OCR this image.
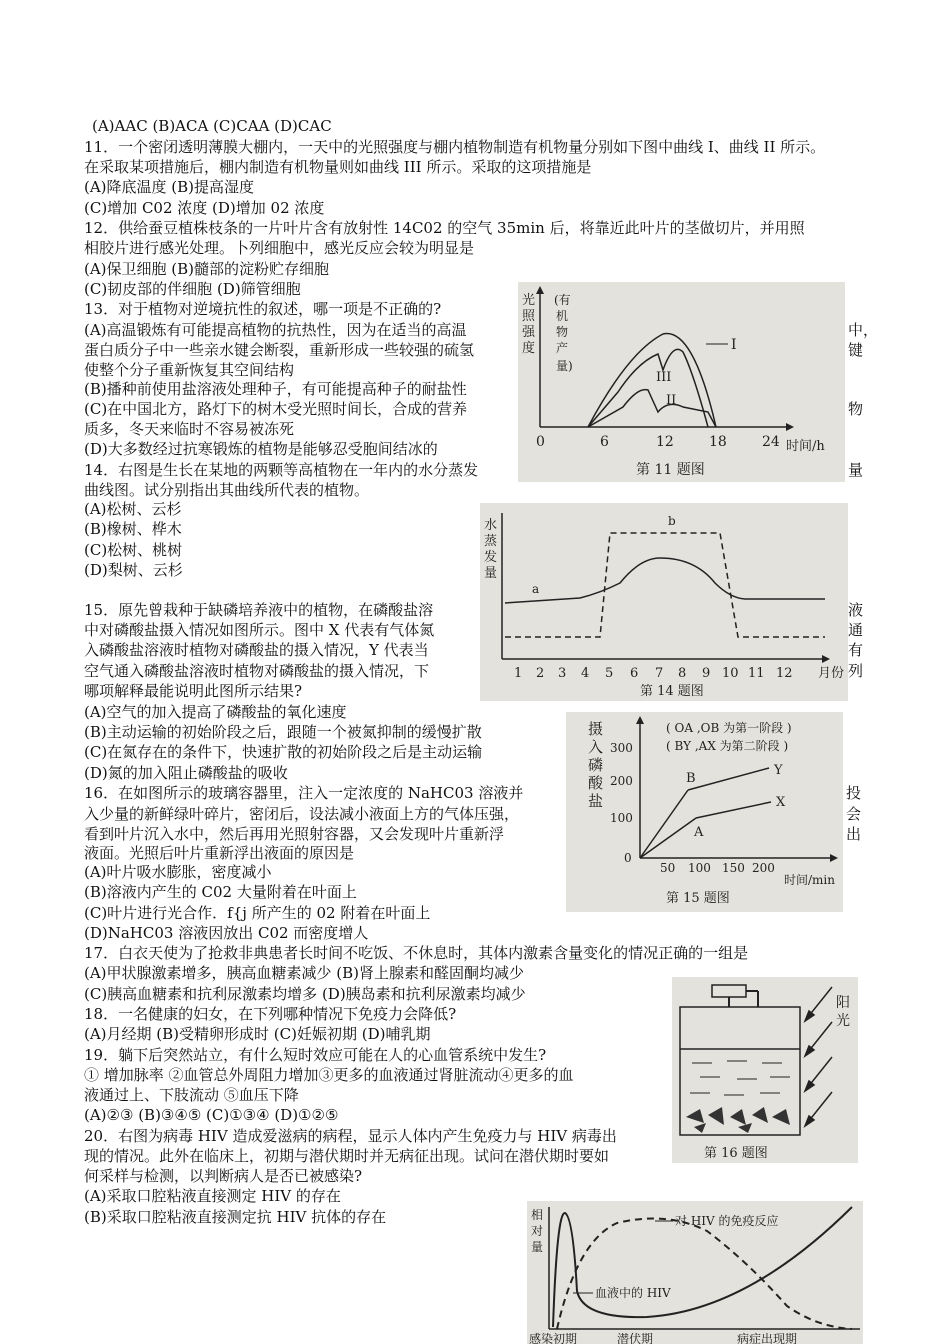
(A)AAC (B)ACA (C)CAA (D)CAC
11．一个密闭透明薄膜大棚内，一天中的光照强度与棚内植物制造有机物量分别如下图中曲线 I、曲线 II 所示。
在采取某项措施后，棚内制造有机物量则如曲线 III 所示。采取的这项措施是
(A)降底温度 (B)提高湿度
(C)增加 C02 浓度 (D)增加 02 浓度
12．供给蚕豆植株枝条的一片叶片含有放射性 14C02 的空气 35min 后，将靠近此叶片的茎做切片，并用照
相胶片进行感光处理。卜列细胞中，感光反应会较为明显是
(A)保卫细胞 (B)髓部的淀粉贮存细胞
(C)韧皮部的伴细胞 (D)筛管细胞
13．对于植物对逆境抗性的叙述，哪一项是不正确的?
(A)高温锻炼有可能提高植物的抗热性，因为在适当的高温
蛋白质分子中一些亲水键会断裂，重新形成一些较强的硫氢
使整个分子重新恢复其空间结构
(B)播种前使用盐溶液处理种子，有可能提高种子的耐盐性
(C)在中国北方，路灯下的树木受光照时间长，合成的营养
质多，冬天来临时不容易被冻死
(D)大多数经过抗寒锻炼的植物是能够忍受胞间结冰的
14．右图是生长在某地的两颗等高植物在一年内的水分蒸发
曲线图。试分别指出其曲线所代表的植物。
(A)松树、云杉
(B)橡树、桦木
(C)松树、桃树
(D)梨树、云杉
15．原先曾栽种于缺磷培养液中的植物，在磷酸盐溶
中对磷酸盐摄入情况如图所示。图中 X 代表有气体氮
入磷酸盐溶液时植物对磷酸盐的摄入情况，Y 代表当
空气通入磷酸盐溶液时植物对磷酸盐的摄入情况，下
哪项解释最能说明此图所示结果?
(A)空气的加入提高了磷酸盐的氧化速度
(B)主动运输的初始阶段之后，跟随一个被氮抑制的缓慢扩散
(C)在氮存在的条件下，快速扩散的初始阶段之后是主动运输
(D)氮的加入阻止磷酸盐的吸收
16．在如图所示的玻璃容器里，注入一定浓度的 NaHC03 溶液并
入少量的新鲜绿叶碎片，密闭后，设法减小液面上方的气体压强，
看到叶片沉入水中，然后再用光照射容器，又会发现叶片重新浮
液面。光照后叶片重新浮出液面的原因是
(A)叶片吸水膨胀，密度减小
(B)溶液内产生的 C02 大量附着在叶面上
(C)叶片进行光合作．f{j 所产生的 02 附着在叶面上
(D)NaHC03 溶液因放出 C02 而密度增人
17．白衣天使为了抢救非典患者长时间不吃饭、不休息时，其体内激素含量变化的情况正确的一组是
(A)甲状腺激素增多，胰高血糖素减少 (B)肾上腺素和醛固酮均减少
(C)胰高血糖素和抗利尿激素均增多 (D)胰岛素和抗利尿激素均减少
18．一名健康的妇女，在下列哪种情况下免疫力会降低?
(A)月经期 (B)受精卵形成时 (C)妊娠初期 (D)哺乳期
19．躺下后突然站立，有什么短时效应可能在人的心血管系统中发生?
① 增加脉率 ②血管总外周阻力增加③更多的血液通过肾脏流动④更多的血
液通过上、下肢流动 ⑤血压下降
(A)②③ (B)③④⑤ (C)①③④ (D)①②⑤
20．右图为病毒 HIV 造成爱滋病的病程，显示人体内产生免疫力与 HIV 病毒出
现的情况。此外在临床上，初期与潜伏期时并无病征出现。试问在潜伏期时要如
何采样与检测，以判断病人是否已被感染?
(A)采取口腔粘液直接测定 HIV 的存在
(B)采取口腔粘液直接测定抗 HIV 抗体的存在
中，
键
物
量
液
通
有
列
投
会
出
光
照
强
度
(有
机
物
产
量)
I
III
II
0	6	12	18	24 时间/h
第 11 题图
水
蒸
发
量
a
b
1 2 3 4 5 6 7 8 9 10 11 12 月份
第 14 题图
摄
入
磷
酸
盐
( OA ,OB 为第一阶段 )
( BY ,AX 为第二阶段 )
300
200
100
0
B
Y
X
A
50 100 150 200
时间/min
第 15 题图
阳
光
第 16 题图
相
对
量
对 HIV 的免疫反应
血液中的 HIV
感染初期	潜伏期	病症出现期
